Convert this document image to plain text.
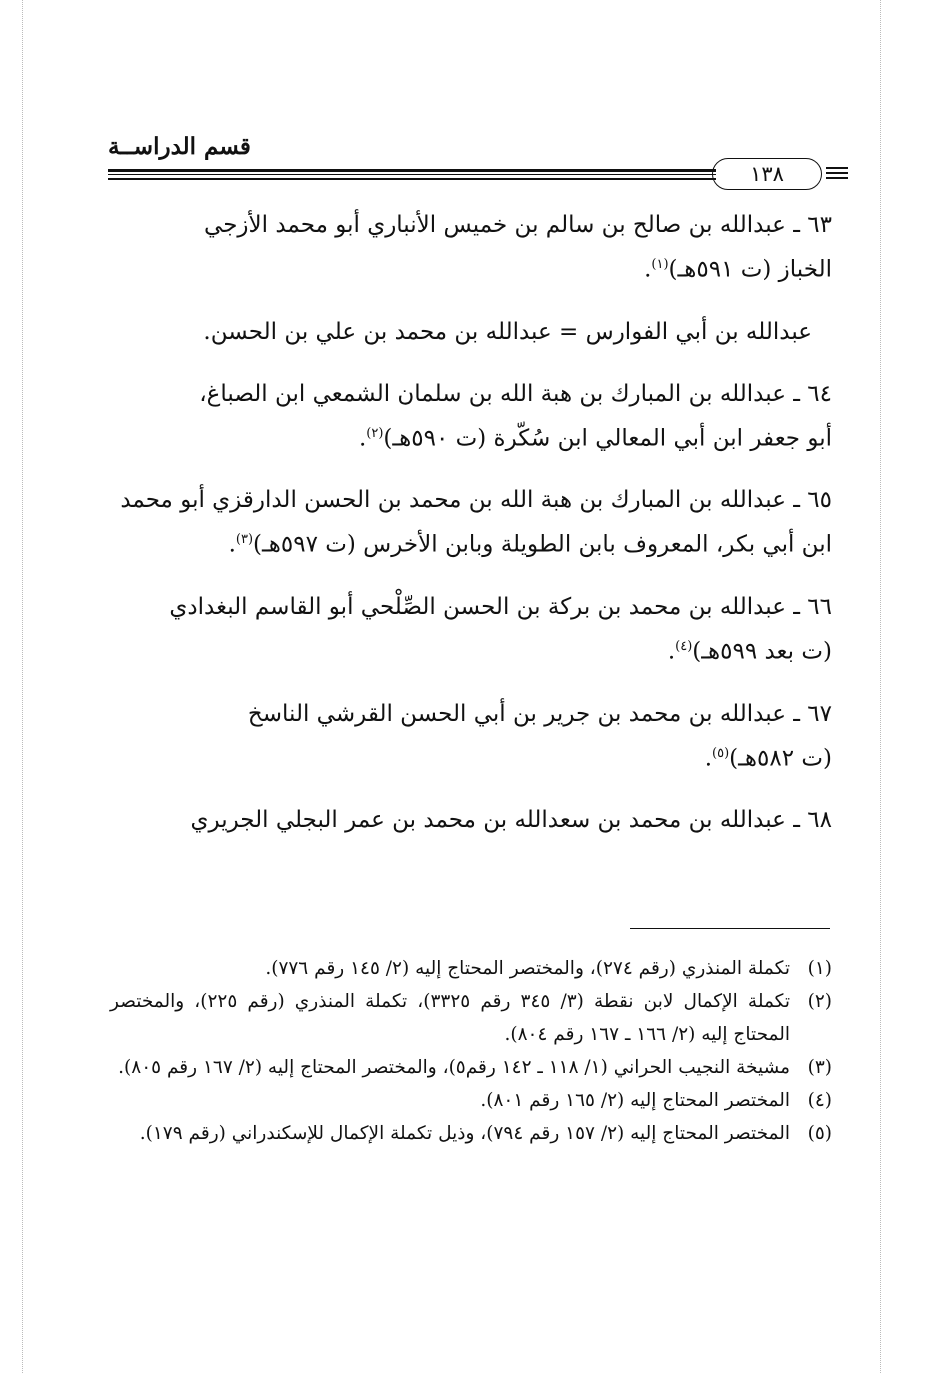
قسم الدراســة
١٣٨
٦٣ ـ عبدالله بن صالح بن سالم بن خميس الأنباري أبو محمد الأزجي
الخباز (ت ٥٩١هـ)$^{(١)}$.
عبدالله بن أبي الفوارس = عبدالله بن محمد بن علي بن الحسن.
٦٤ ـ عبدالله بن المبارك بن هبة الله بن سلمان الشمعي ابن الصباغ،
أبو جعفر ابن أبي المعالي ابن سُكّرة (ت ٥٩٠هـ)$^{(٢)}$.
٦٥ ـ عبدالله بن المبارك بن هبة الله بن محمد بن الحسن الدارقزي أبو محمد
ابن أبي بكر، المعروف بابن الطويلة وبابن الأخرس (ت ٥٩٧هـ)$^{(٣)}$.
٦٦ ـ عبدالله بن محمد بن بركة بن الحسن الصِّلْحي أبو القاسم البغدادي
(ت بعد ٥٩٩هـ)$^{(٤)}$.
٦٧ ـ عبدالله بن محمد بن جرير بن أبي الحسن القرشي الناسخ
(ت ٥٨٢هـ)$^{(٥)}$.
٦٨ ـ عبدالله بن محمد بن سعدالله بن محمد بن عمر البجلي الجريري
(١)
تكملة المنذري (رقم ٢٧٤)، والمختصر المحتاج إليه (٢/ ١٤٥ رقم ٧٧٦).
(٢)
تكملة الإكمال لابن نقطة (٣/ ٣٤٥ رقم ٣٣٢٥)، تكملة المنذري (رقم ٢٢٥)، والمختصر المحتاج إليه (٢/ ١٦٦ ـ ١٦٧ رقم ٨٠٤).
(٣)
مشيخة النجيب الحراني (١/ ١١٨ ـ ١٤٢ رقم٥)، والمختصر المحتاج إليه (٢/ ١٦٧ رقم ٨٠٥).
(٤)
المختصر المحتاج إليه (٢/ ١٦٥ رقم ٨٠١).
(٥)
المختصر المحتاج إليه (٢/ ١٥٧ رقم ٧٩٤)، وذيل تكملة الإكمال للإسكندراني (رقم ١٧٩).
